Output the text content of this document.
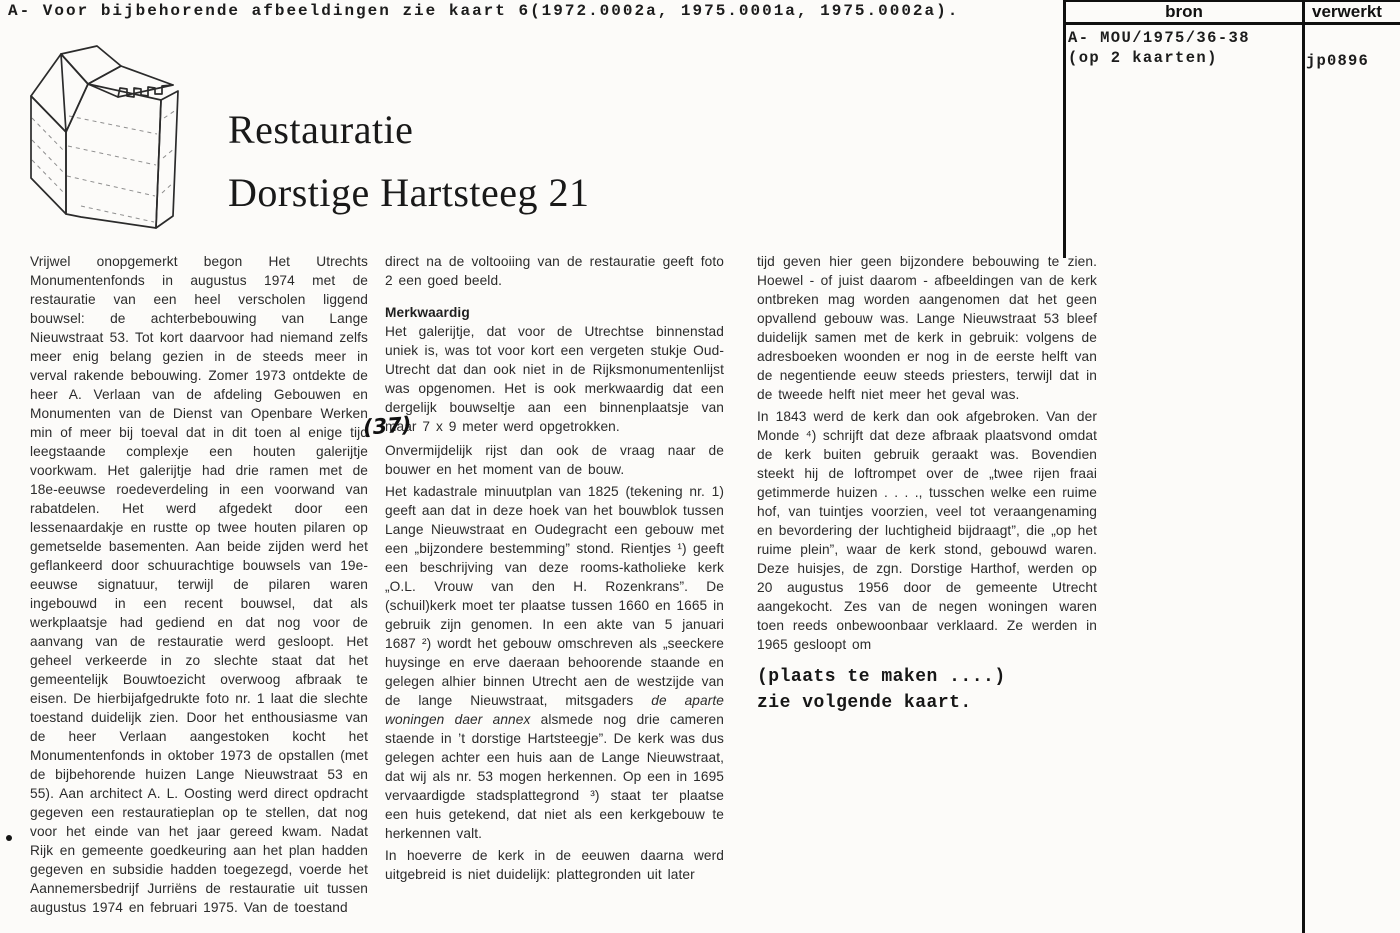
A- Voor bijbehorende afbeeldingen zie kaart 6(1972.0002a, 1975.0001a, 1975.0002a).	bron	verwerkt
A- MOU/1975/36-38
(op 2 kaarten)	jp0896
Restauratie
Dorstige Hartsteeg 21

Vrijwel onopgemerkt begon Het Utrechts Monumentenfonds in augustus 1974 met de restauratie van een heel verscholen liggend bouwsel: de achterbebouwing van Lange Nieuwstraat 53. Tot kort daarvoor had niemand zelfs meer enig belang gezien in de steeds meer in verval rakende bebouwing. Zomer 1973 ontdekte de heer A. Verlaan van de afdeling Gebouwen en Monumenten van de Dienst van Openbare Werken min of meer bij toeval dat in dit toen al enige tijd leegstaande complexje een houten galerijtje voorkwam. Het galerijtje had drie ramen met de 18e-eeuwse roedeverdeling in een voorwand van rabatdelen. Het werd afgedekt door een lessenaardakje en rustte op twee houten pilaren op gemetselde basementen. Aan beide zijden werd het geflankeerd door schuurachtige bouwsels van 19e-eeuwse signatuur, terwijl de pilaren waren ingebouwd in een recent bouwsel, dat als werkplaatsje had gediend en dat nog voor de aanvang van de restauratie werd gesloopt. Het geheel verkeerde in zo slechte staat dat het gemeentelijk Bouwtoezicht overwoog afbraak te eisen. De hierbijafgedrukte foto nr. 1 laat die slechte toestand duidelijk zien. Door het enthousiasme van de heer Verlaan aangestoken kocht het Monumentenfonds in oktober 1973 de opstallen (met de bijbehorende huizen Lange Nieuwstraat 53 en 55). Aan architect A. L. Oosting werd direct opdracht gegeven een restauratieplan op te stellen, dat nog voor het einde van het jaar gereed kwam. Nadat Rijk en gemeente goedkeuring aan het plan hadden gegeven en subsidie hadden toegezegd, voerde het Aannemersbedrijf Jurriëns de restauratie uit tussen augustus 1974 en februari 1975. Van de toestand

direct na de voltooiing van de restauratie geeft foto 2 een goed beeld.

Merkwaardig

Het galerijtje, dat voor de Utrechtse binnenstad uniek is, was tot voor kort een vergeten stukje Oud-Utrecht dat dan ook niet in de Rijksmonumentenlijst was opgenomen. Het is ook merkwaardig dat een dergelijk bouwseltje aan een binnenplaatsje van maar 7 x 9 meter werd opgetrokken.

Onvermijdelijk rijst dan ook de vraag naar de bouwer en het moment van de bouw.

Het kadastrale minuutplan van 1825 (tekening nr. 1) geeft aan dat in deze hoek van het bouwblok tussen Lange Nieuwstraat en Oudegracht een gebouw met een „bijzondere bestemming” stond. Rientjes ¹) geeft een beschrijving van deze rooms-katholieke kerk „O.L. Vrouw van den H. Rozenkrans”. De (schuil)kerk moet ter plaatse tussen 1660 en 1665 in gebruik zijn genomen. In een akte van 5 januari 1687 ²) wordt het gebouw omschreven als „seeckere huysinge en erve daeraan behoorende staande en gelegen alhier binnen Utrecht aen de westzijde van de lange Nieuwstraat, mitsgaders de aparte woningen daer annex alsmede nog drie cameren staende in ’t dorstige Hartsteegje”. De kerk was dus gelegen achter een huis aan de Lange Nieuwstraat, dat wij als nr. 53 mogen herkennen. Op een in 1695 vervaardigde stadsplattegrond ³) staat ter plaatse een huis getekend, dat niet als een kerkgebouw te herkennen valt.

In hoeverre de kerk in de eeuwen daarna werd uitgebreid is niet duidelijk: plattegronden uit later

(37)

tijd geven hier geen bijzondere bebouwing te zien. Hoewel - of juist daarom - afbeeldingen van de kerk ontbreken mag worden aangenomen dat het geen opvallend gebouw was. Lange Nieuwstraat 53 bleef duidelijk samen met de kerk in gebruik: volgens de adresboeken woonden er nog in de eerste helft van de negentiende eeuw steeds priesters, terwijl dat in de tweede helft niet meer het geval was.

In 1843 werd de kerk dan ook afgebroken. Van der Monde ⁴) schrijft dat deze afbraak plaatsvond omdat de kerk buiten gebruik geraakt was. Bovendien steekt hij de loftrompet over de „twee rijen fraai getimmerde huizen . . . ., tusschen welke een ruime hof, van tuintjes voorzien, veel tot veraangenaming en bevordering der luchtigheid bijdraagt”, die „op het ruime plein”, waar de kerk stond, gebouwd waren. Deze huisjes, de zgn. Dorstige Harthof, werden op 20 augustus 1956 door de gemeente Utrecht aangekocht. Zes van de negen woningen waren toen reeds onbewoonbaar verklaard. Ze werden in 1965 gesloopt om

(plaats te maken ....)
zie volgende kaart.
